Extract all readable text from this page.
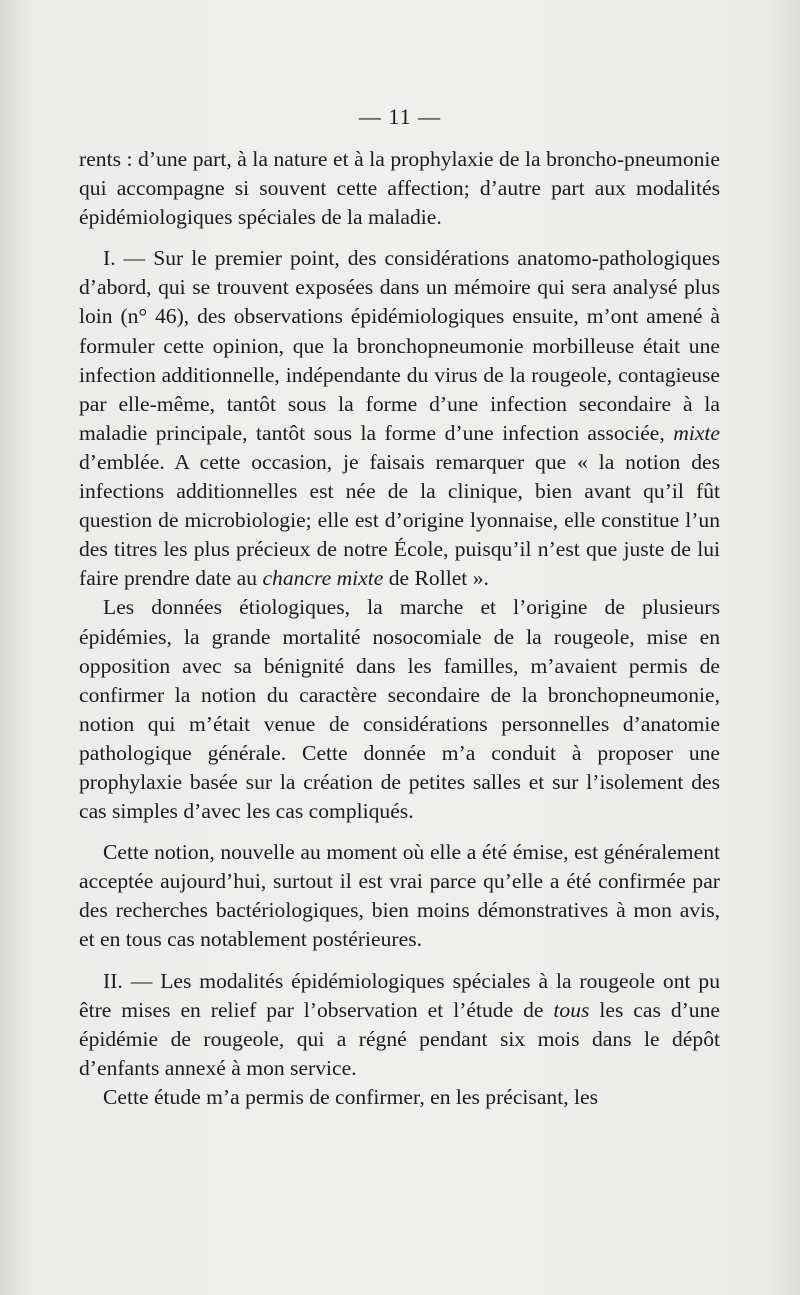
— 11 —

rents : d’une part, à la nature et à la prophylaxie de la broncho-pneumonie qui accompagne si souvent cette affection; d’autre part aux modalités épidémiologiques spéciales de la maladie.

I. — Sur le premier point, des considérations anatomo-pathologiques d’abord, qui se trouvent exposées dans un mémoire qui sera analysé plus loin (n° 46), des observations épidémiologiques ensuite, m’ont amené à formuler cette opinion, que la bronchopneumonie morbilleuse était une infection additionnelle, indépendante du virus de la rougeole, contagieuse par elle-même, tantôt sous la forme d’une infection secondaire à la maladie principale, tantôt sous la forme d’une infection associée, mixte d’emblée. A cette occasion, je faisais remarquer que « la notion des infections additionnelles est née de la clinique, bien avant qu’il fût question de microbiologie; elle est d’origine lyonnaise, elle constitue l’un des titres les plus précieux de notre École, puisqu’il n’est que juste de lui faire prendre date au chancre mixte de Rollet ».

Les données étiologiques, la marche et l’origine de plusieurs épidémies, la grande mortalité nosocomiale de la rougeole, mise en opposition avec sa bénignité dans les familles, m’avaient permis de confirmer la notion du caractère secondaire de la bronchopneumonie, notion qui m’était venue de considérations personnelles d’anatomie pathologique générale. Cette donnée m’a conduit à proposer une prophylaxie basée sur la création de petites salles et sur l’isolement des cas simples d’avec les cas compliqués.

Cette notion, nouvelle au moment où elle a été émise, est généralement acceptée aujourd’hui, surtout il est vrai parce qu’elle a été confirmée par des recherches bactériologiques, bien moins démonstratives à mon avis, et en tous cas notablement postérieures.

II. — Les modalités épidémiologiques spéciales à la rougeole ont pu être mises en relief par l’observation et l’étude de tous les cas d’une épidémie de rougeole, qui a régné pendant six mois dans le dépôt d’enfants annexé à mon service.

Cette étude m’a permis de confirmer, en les précisant, les
